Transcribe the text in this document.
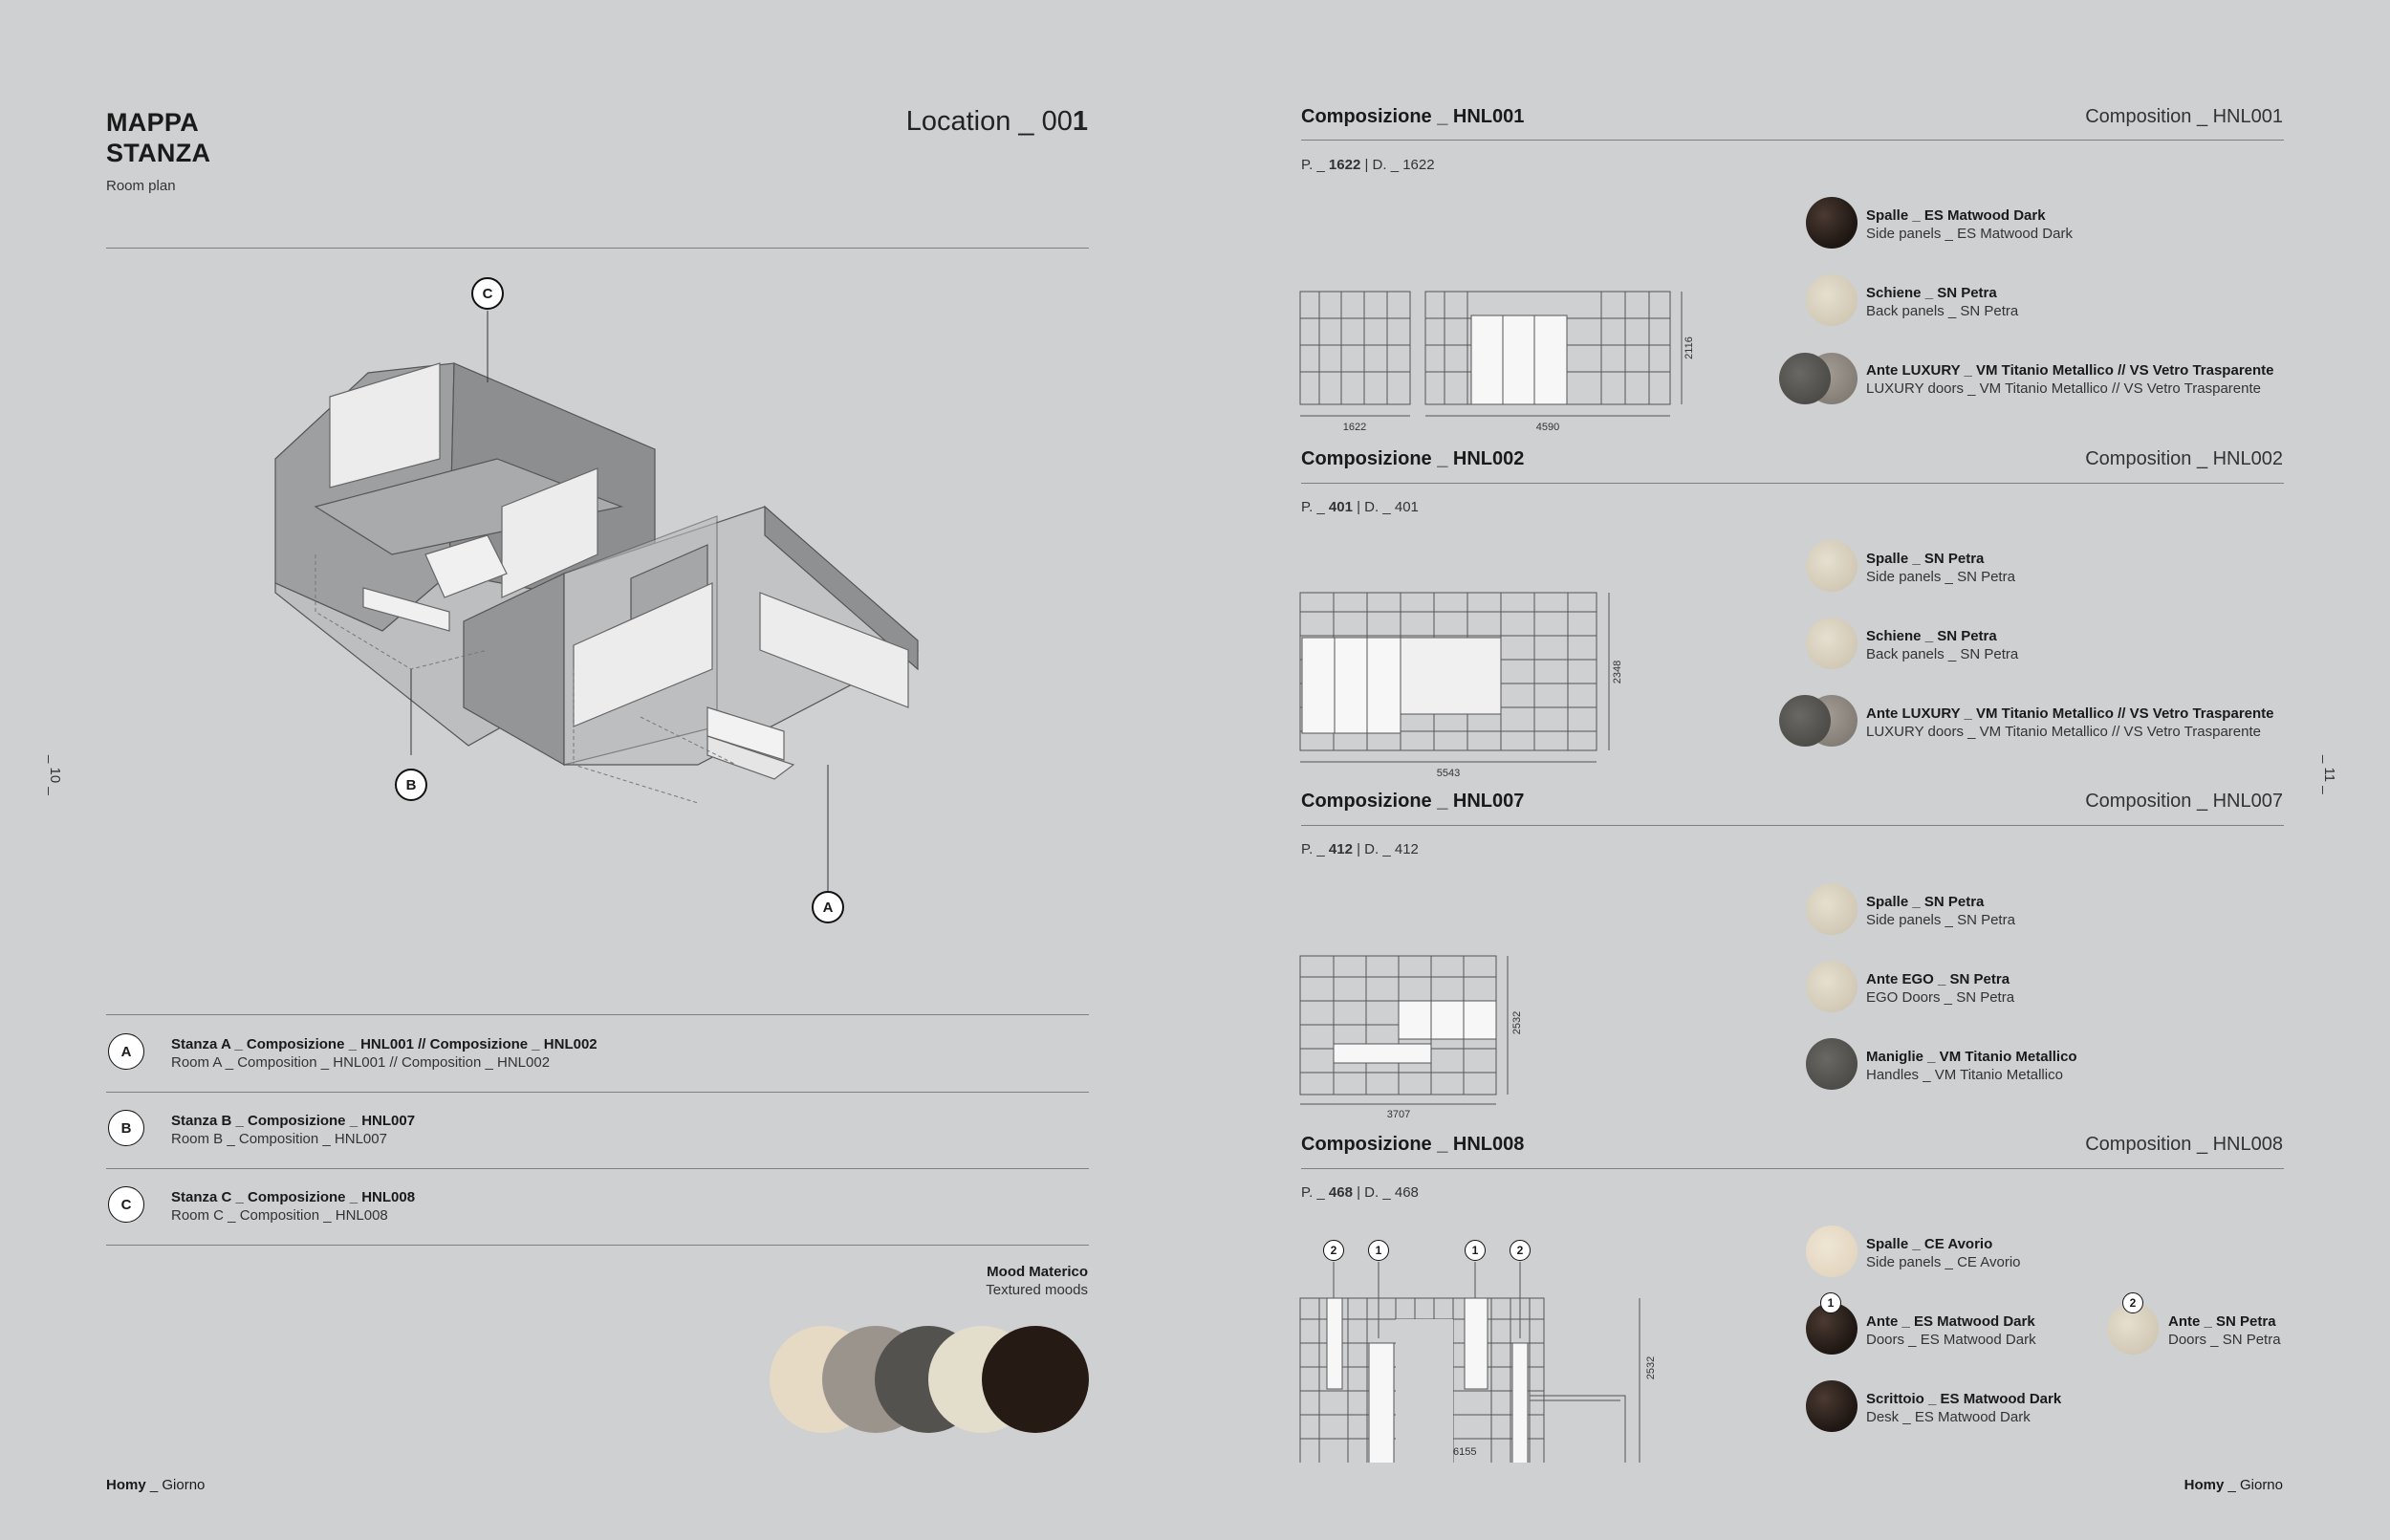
MAPPA
STANZA
Room plan
Location _ 001
C
B
A
A	Stanza A _ Composizione _ HNL001 // Composizione _ HNL002
Room A _ Composition _ HNL001 // Composition _ HNL002
B	Stanza B _ Composizione _ HNL007
Room B _ Composition _ HNL007
C	Stanza C _ Composizione _ HNL008
Room C _ Composition _ HNL008
Mood Materico
Textured moods
Homy _ Giorno
_ 10 _	_ 11 _
Homy _ Giorno
Composizione _ HNL001	Composition _ HNL001
P. _ 1622 | D. _ 1622
1622	4590
2116
Spalle _ ES Matwood Dark
Side panels _ ES Matwood Dark
Schiene _ SN Petra
Back panels _ SN Petra
Ante LUXURY _ VM Titanio Metallico // VS Vetro Trasparente
LUXURY doors _ VM Titanio Metallico // VS Vetro Trasparente
Composizione _ HNL002	Composition _ HNL002
P. _ 401 | D. _ 401
5543
2348
Spalle _ SN Petra
Side panels _ SN Petra
Schiene _ SN Petra
Back panels _ SN Petra
Ante LUXURY _ VM Titanio Metallico // VS Vetro Trasparente
LUXURY doors _ VM Titanio Metallico // VS Vetro Trasparente
Composizione _ HNL007	Composition _ HNL007
P. _ 412 | D. _ 412
3707
2532
Spalle _ SN Petra
Side panels _ SN Petra
Ante EGO _ SN Petra
EGO Doors _ SN Petra
Maniglie _ VM Titanio Metallico
Handles _ VM Titanio Metallico
Composizione _ HNL008	Composition _ HNL008
P. _ 468 | D. _ 468
2	1	1	2
6155
2532
Spalle _ CE Avorio
Side panels _ CE Avorio
1
Ante _ ES Matwood Dark
Doors _ ES Matwood Dark
2
Ante _ SN Petra
Doors _ SN Petra
Scrittoio _ ES Matwood Dark
Desk _ ES Matwood Dark
